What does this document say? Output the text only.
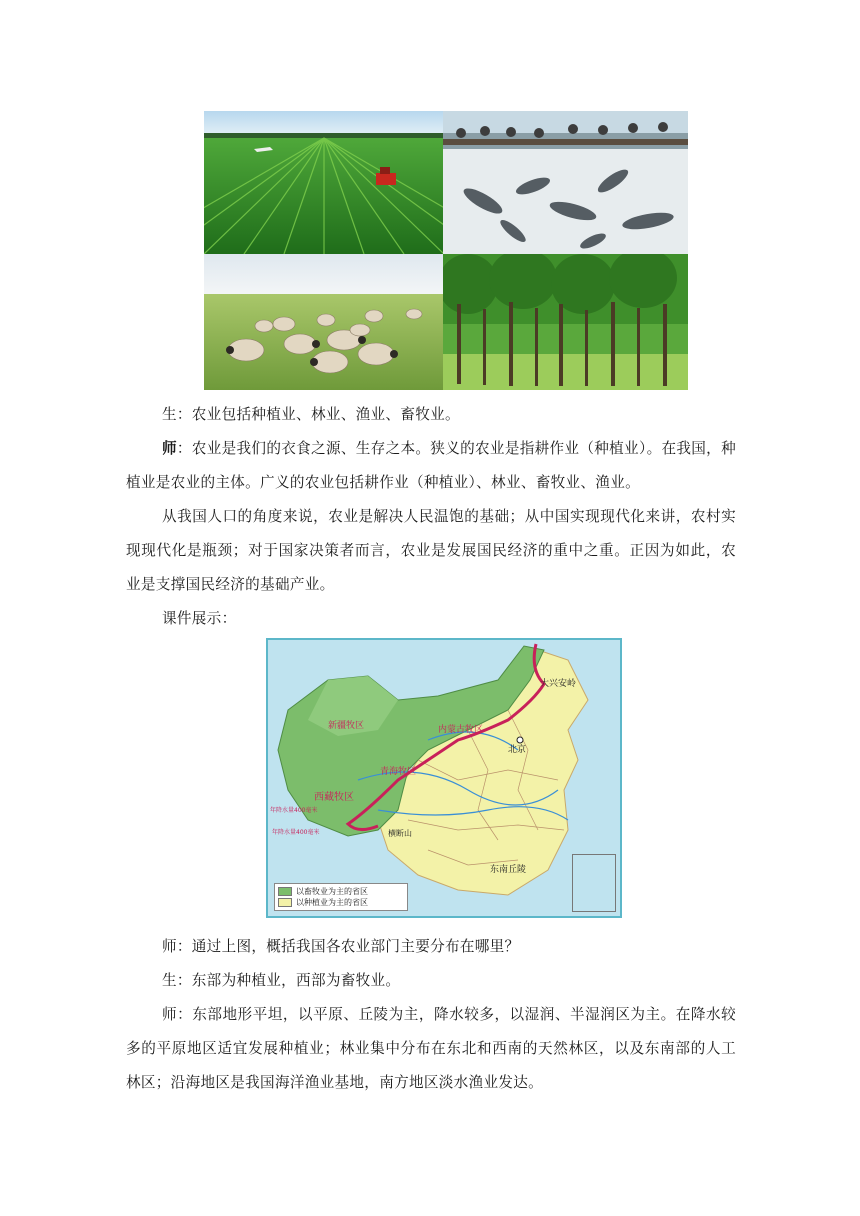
生：农业包括种植业、林业、渔业、畜牧业。
师：农业是我们的衣食之源、生存之本。狭义的农业是指耕作业（种植业）。在我国，种植业是农业的主体。广义的农业包括耕作业（种植业）、林业、畜牧业、渔业。
从我国人口的角度来说，农业是解决人民温饱的基础；从中国实现现代化来讲，农村实现现代化是瓶颈；对于国家决策者而言，农业是发展国民经济的重中之重。正因为如此，农业是支撑国民经济的基础产业。
课件展示：
新疆牧区
青海牧区
西藏牧区
内蒙古牧区
北京
大兴安岭
横断山
东南丘陵
年降水量400毫米
年降水量400毫米
以畜牧业为主的省区
以种植业为主的省区
师：通过上图，概括我国各农业部门主要分布在哪里？
生：东部为种植业，西部为畜牧业。
师：东部地形平坦，以平原、丘陵为主，降水较多，以湿润、半湿润区为主。在降水较多的平原地区适宜发展种植业；林业集中分布在东北和西南的天然林区，以及东南部的人工林区；沿海地区是我国海洋渔业基地，南方地区淡水渔业发达。
